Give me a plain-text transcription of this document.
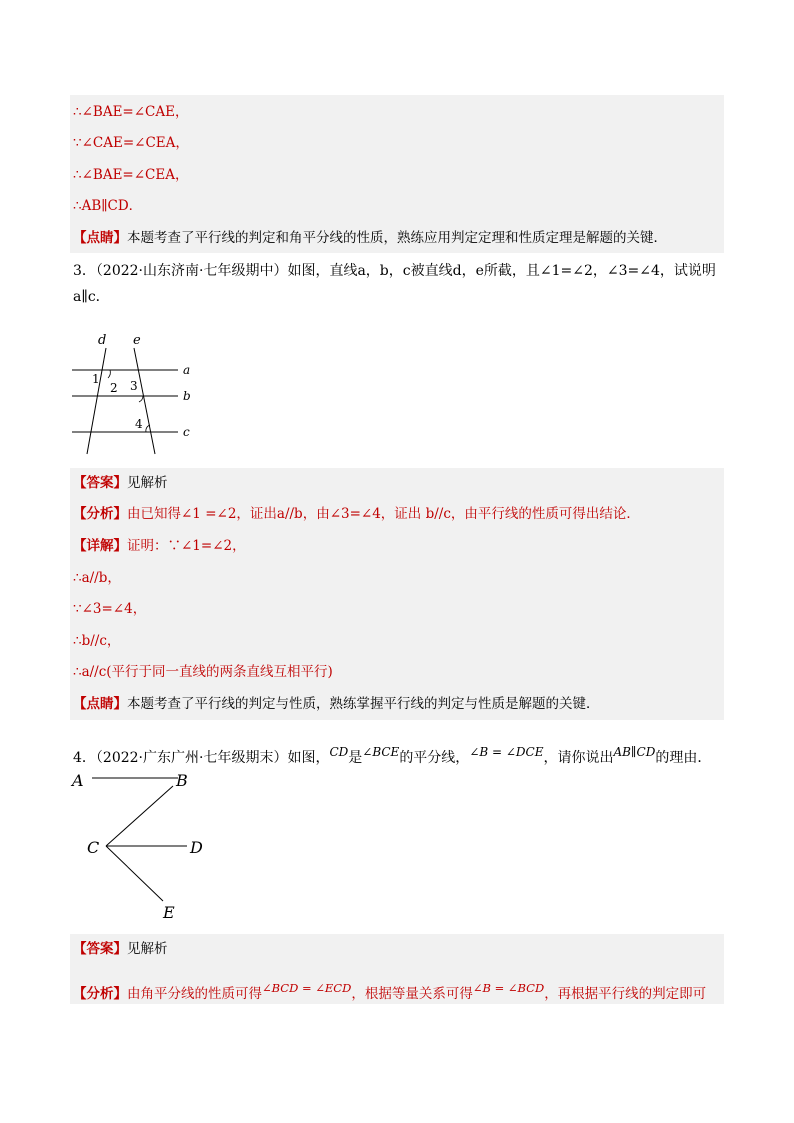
∴∠BAE=∠CAE，
∵∠CAE=∠CEA，
∴∠BAE=∠CEA，
∴AB∥CD．
【点睛】本题考查了平行线的判定和角平分线的性质，熟练应用判定定理和性质定理是解题的关键．
3．（2022·山东济南·七年级期中）如图，直线a，b，c被直线d，e所截，且∠1=∠2，∠3=∠4，试说明
a∥c．
d e
a
b
c
1
2 3
4
【答案】见解析
【分析】由已知得∠1 =∠2，证出a//b，由∠3=∠4，证出 b//c，由平行线的性质可得出结论．
【详解】证明：∵∠1=∠2，
∴a//b，
∵∠3=∠4，
∴b//c，
∴a//c(平行于同一直线的两条直线互相平行)
【点睛】本题考查了平行线的判定与性质，熟练掌握平行线的判定与性质是解题的关键．
4．（2022·广东广州·七年级期末）如图，CD是∠BCE的平分线，∠B = ∠DCE，请你说出AB∥CD的理由．
A	B
C	D
E
【答案】见解析
【分析】由角平分线的性质可得∠BCD = ∠ECD，根据等量关系可得∠B = ∠BCD，再根据平行线的判定即可
